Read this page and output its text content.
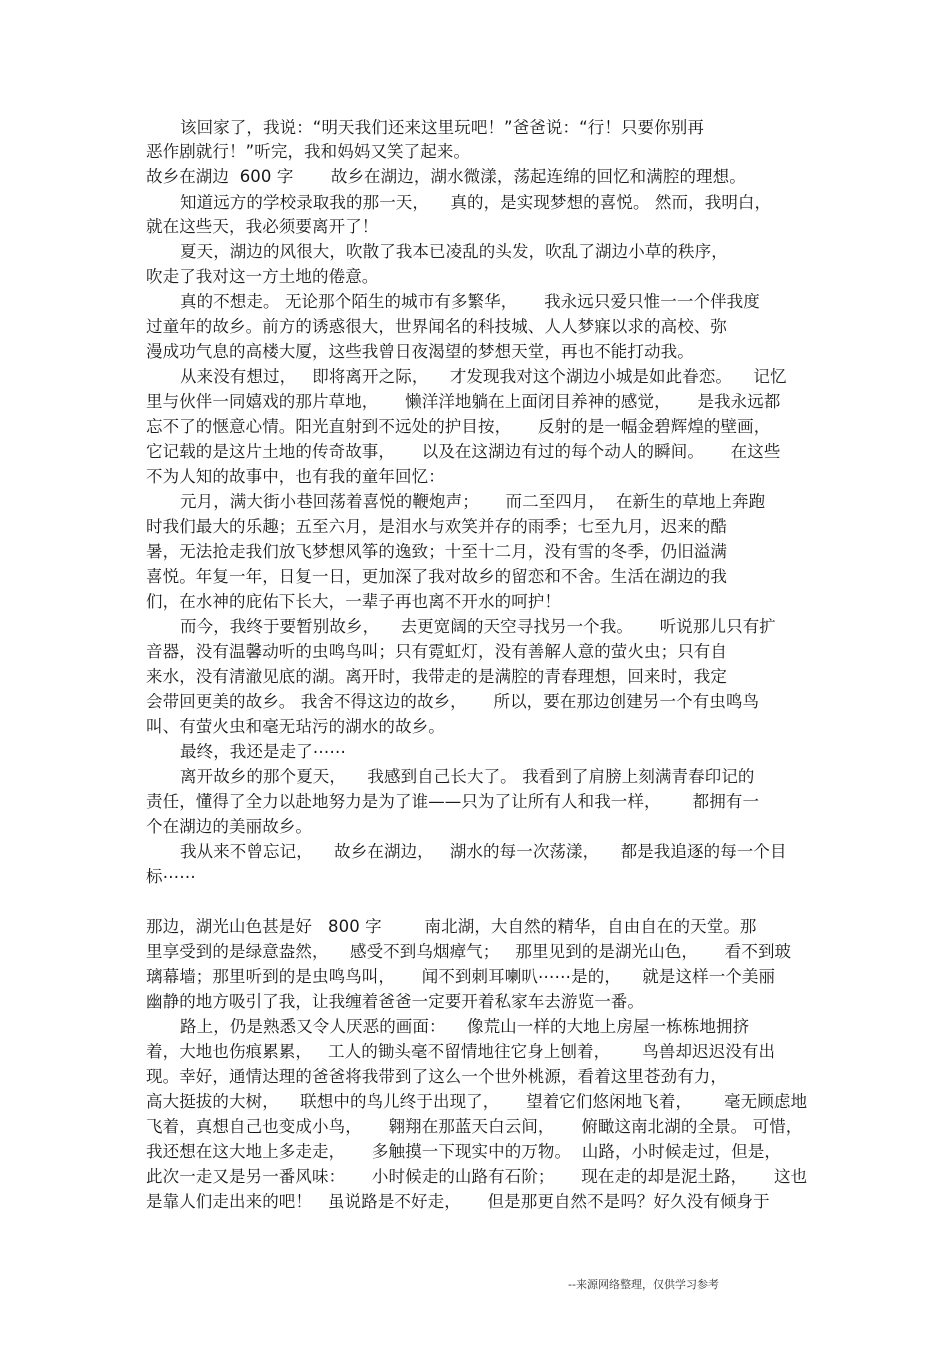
该回家了，我说：“明天我们还来这里玩吧！”爸爸说：“行！只要你别再
恶作剧就行！”听完，我和妈妈又笑了起来。
故乡在湖边  600 字       故乡在湖边，湖水微漾，荡起连绵的回忆和满腔的理想。
知道远方的学校录取我的那一天，    真的，是实现梦想的喜悦。 然而，我明白，
就在这些天，我必须要离开了！
夏天，湖边的风很大，吹散了我本已凌乱的头发，吹乱了湖边小草的秩序，
吹走了我对这一方土地的倦意。
真的不想走。 无论那个陌生的城市有多繁华，     我永远只爱只惟一一个伴我度
过童年的故乡。前方的诱惑很大，世界闻名的科技城、人人梦寐以求的高校、弥
漫成功气息的高楼大厦，这些我曾日夜渴望的梦想天堂，再也不能打动我。
从来没有想过，   即将离开之际，    才发现我对这个湖边小城是如此眷恋。    记忆
里与伙伴一同嬉戏的那片草地，     懒洋洋地躺在上面闭目养神的感觉，     是我永远都
忘不了的惬意心情。阳光直射到不远处的护目按，     反射的是一幅金碧辉煌的壁画，
它记载的是这片土地的传奇故事，     以及在这湖边有过的每个动人的瞬间。     在这些
不为人知的故事中，也有我的童年回忆：
元月，满大街小巷回荡着喜悦的鞭炮声；     而二至四月，  在新生的草地上奔跑
时我们最大的乐趣；五至六月，是泪水与欢笑并存的雨季；七至九月，迟来的酷
暑，无法抢走我们放飞梦想风筝的逸致；十至十二月，没有雪的冬季，仍旧溢满
喜悦。年复一年，日复一日，更加深了我对故乡的留恋和不舍。生活在湖边的我
们，在水神的庇佑下长大，一辈子再也离不开水的呵护！
而今，我终于要暂别故乡，    去更宽阔的天空寻找另一个我。     听说那儿只有扩
音器，没有温馨动听的虫鸣鸟叫；只有霓虹灯，没有善解人意的萤火虫；只有自
来水，没有清澈见底的湖。离开时，我带走的是满腔的青春理想，回来时，我定
会带回更美的故乡。 我舍不得这边的故乡，     所以，要在那边创建另一个有虫鸣鸟
叫、有萤火虫和毫无玷污的湖水的故乡。
最终，我还是走了⋯⋯
离开故乡的那个夏天，    我感到自己长大了。 我看到了肩膀上刻满青春印记的
责任，懂得了全力以赴地努力是为了谁——只为了让所有人和我一样，      都拥有一
个在湖边的美丽故乡。
我从来不曾忘记，    故乡在湖边，   湖水的每一次荡漾，    都是我追逐的每一个目
标⋯⋯
那边，湖光山色甚是好   800 字        南北湖，大自然的精华，自由自在的天堂。那
里享受到的是绿意盎然，    感受不到乌烟瘴气；   那里见到的是湖光山色，     看不到玻
璃幕墙；那里听到的是虫鸣鸟叫，     闻不到刺耳喇叭⋯⋯是的，    就是这样一个美丽
幽静的地方吸引了我，让我缠着爸爸一定要开着私家车去游览一番。
路上，仍是熟悉又令人厌恶的画面：    像荒山一样的大地上房屋一栋栋地拥挤
着，大地也伤痕累累，   工人的锄头毫不留情地往它身上刨着，      鸟兽却迟迟没有出
现。幸好，通情达理的爸爸将我带到了这么一个世外桃源，看着这里苍劲有力，
高大挺拔的大树，    联想中的鸟儿终于出现了，     望着它们悠闲地飞着，      毫无顾虑地
飞着，真想自己也变成小鸟，     翱翔在那蓝天白云间，     俯瞰这南北湖的全景。 可惜，
我还想在这大地上多走走，     多触摸一下现实中的万物。  山路，小时候走过，但是，
此次一走又是另一番风味：     小时候走的山路有石阶；     现在走的却是泥土路，     这也
是靠人们走出来的吧！   虽说路是不好走，     但是那更自然不是吗？好久没有倾身于
--来源网络整理，仅供学习参考
